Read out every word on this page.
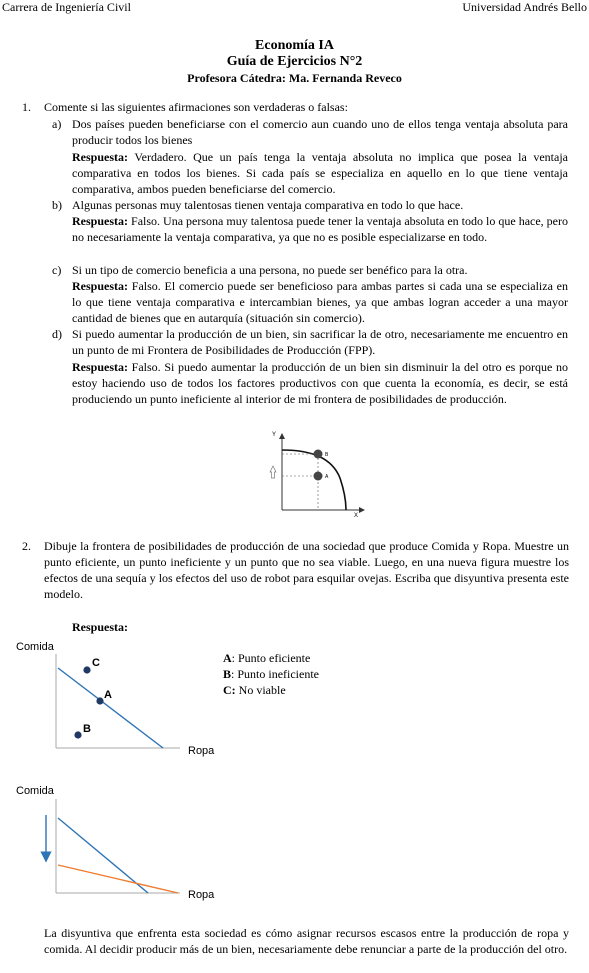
Carrera de Ingeniería Civil	Universidad Andrés Bello
Economía IA
Guía de Ejercicios N°2
Profesora Cátedra: Ma. Fernanda Reveco
1. Comente si las siguientes afirmaciones son verdaderas o falsas:

a) Dos países pueden beneficiarse con el comercio aun cuando uno de ellos tenga ventaja absoluta para producir todos los bienes

Respuesta: Verdadero. Que un país tenga la ventaja absoluta no implica que posea la ventaja comparativa en todos los bienes. Si cada país se especializa en aquello en lo que tiene ventaja comparativa, ambos pueden beneficiarse del comercio.

b) Algunas personas muy talentosas tienen ventaja comparativa en todo lo que hace.

Respuesta: Falso. Una persona muy talentosa puede tener la ventaja absoluta en todo lo que hace, pero no necesariamente la ventaja comparativa, ya que no es posible especializarse en todo.

c) Si un tipo de comercio beneficia a una persona, no puede ser benéfico para la otra.

Respuesta: Falso. El comercio puede ser beneficioso para ambas partes si cada una se especializa en lo que tiene ventaja comparativa e intercambian bienes, ya que ambas logran acceder a una mayor cantidad de bienes que en autarquía (situación sin comercio).

d) Si puedo aumentar la producción de un bien, sin sacrificar la de otro, necesariamente me encuentro en un punto de mi Frontera de Posibilidades de Producción (FPP).

Respuesta: Falso. Si puedo aumentar la producción de un bien sin disminuir la del otro es porque no estoy haciendo uso de todos los factores productivos con que cuenta la economía, es decir, se está produciendo un punto ineficiente al interior de mi frontera de posibilidades de producción.

Y
X
B
A
2. Dibuje la frontera de posibilidades de producción de una sociedad que produce Comida y Ropa. Muestre un punto eficiente, un punto ineficiente y un punto que no sea viable. Luego, en una nueva figura muestre los efectos de una sequía y los efectos del uso de robot para esquilar ovejas. Escriba que disyuntiva presenta este modelo.

Respuesta:
Comida
Ropa
C
A
B
A: Punto eficiente
B: Punto ineficiente
C: No viable
Comida
Ropa

La disyuntiva que enfrenta esta sociedad es cómo asignar recursos escasos entre la producción de ropa y comida. Al decidir producir más de un bien, necesariamente debe renunciar a parte de la producción del otro.
